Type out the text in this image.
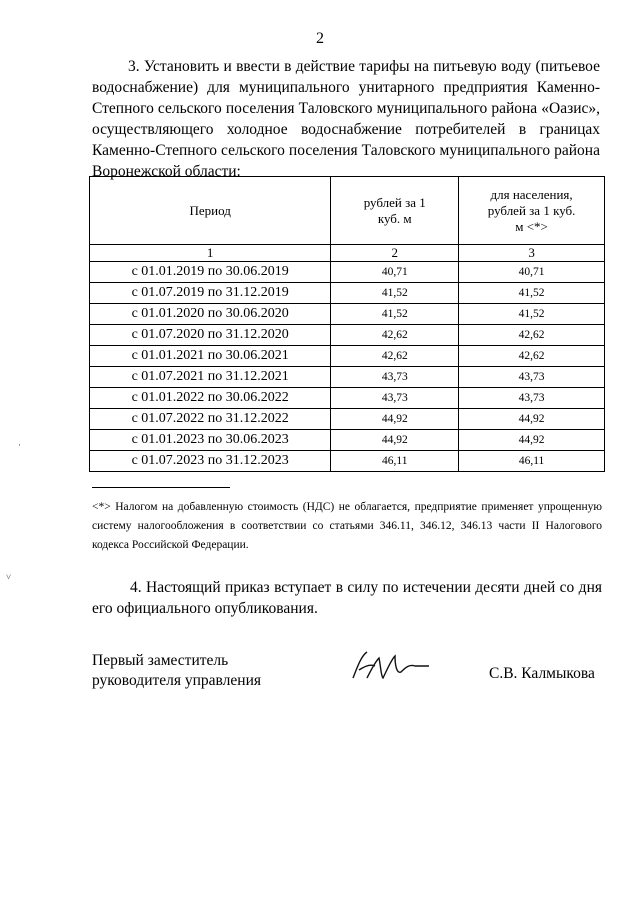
2

3. Установить и ввести в действие тарифы на питьевую воду (питьевое водоснабжение) для муниципального унитарного предприятия Каменно-Степного сельского поселения Таловского муниципального района «Оазис», осуществляющего холодное водоснабжение потребителей в границах Каменно-Степного сельского поселения Таловского муниципального района Воронежской области:

Период	рублей за 1 куб. м	для населения, рублей за 1 куб. м <*>

1	2	3
с 01.01.2019 по 30.06.2019	40,71	40,71
с 01.07.2019 по 31.12.2019	41,52	41,52
с 01.01.2020 по 30.06.2020	41,52	41,52
с 01.07.2020 по 31.12.2020	42,62	42,62
с 01.01.2021 по 30.06.2021	42,62	42,62
с 01.07.2021 по 31.12.2021	43,73	43,73
с 01.01.2022 по 30.06.2022	43,73	43,73
с 01.07.2022 по 31.12.2022	44,92	44,92
с 01.01.2023 по 30.06.2023	44,92	44,92
с 01.07.2023 по 31.12.2023	46,11	46,11

<*> Налогом на добавленную стоимость (НДС) не облагается, предприятие применяет упрощенную систему налогообложения в соответствии со статьями 346.11, 346.12, 346.13 части II Налогового кодекса Российской Федерации.

4. Настоящий приказ вступает в силу по истечении десяти дней со дня его официального опубликования.

Первый заместитель
руководителя управления	С.В. Калмыкова
·
˅
